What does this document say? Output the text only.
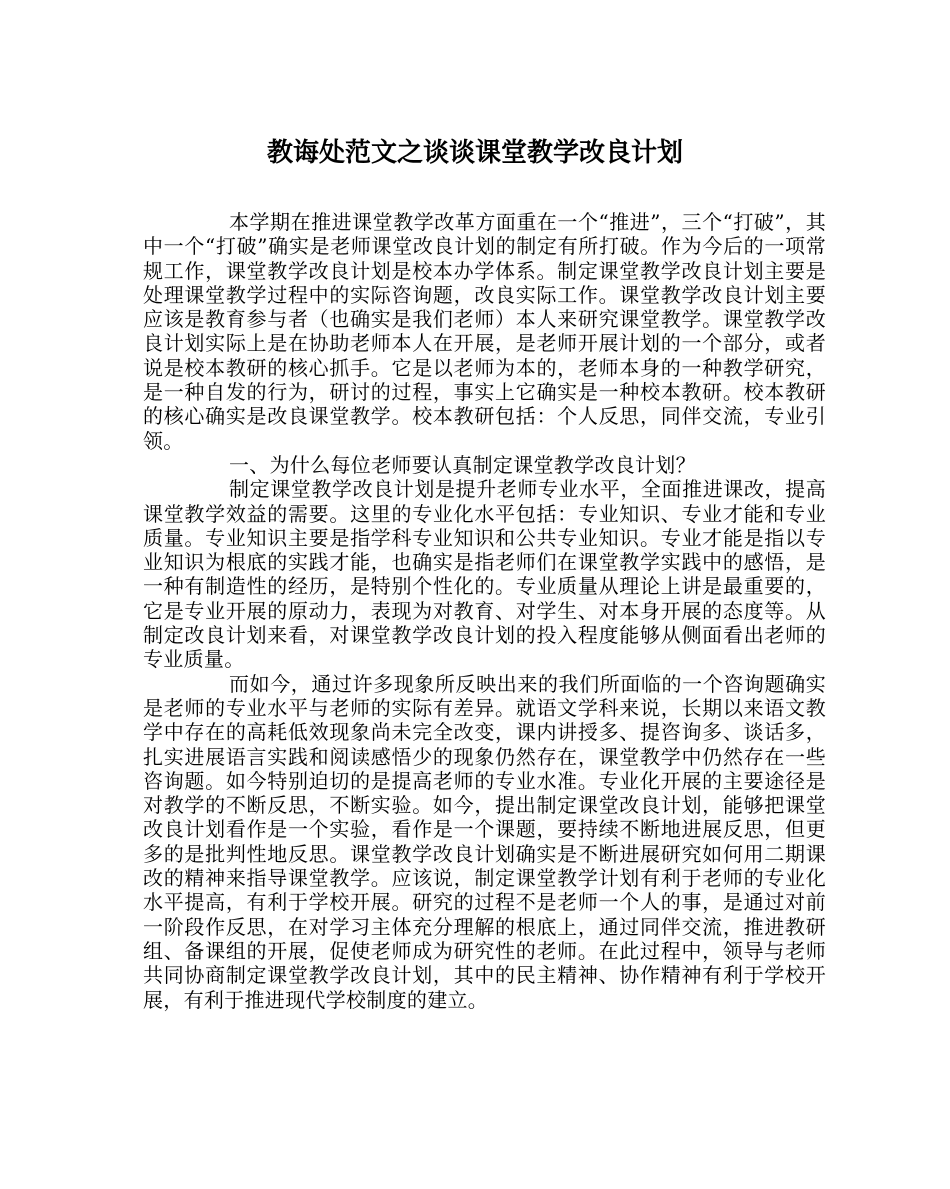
教诲处范文之谈谈课堂教学改良计划

本学期在推进课堂教学改革方面重在一个“推进”，三个“打破”，其中一个“打破”确实是老师课堂改良计划的制定有所打破。作为今后的一项常规工作，课堂教学改良计划是校本办学体系。制定课堂教学改良计划主要是处理课堂教学过程中的实际咨询题，改良实际工作。课堂教学改良计划主要应该是教育参与者（也确实是我们老师）本人来研究课堂教学。课堂教学改良计划实际上是在协助老师本人在开展，是老师开展计划的一个部分，或者说是校本教研的核心抓手。它是以老师为本的，老师本身的一种教学研究，是一种自发的行为，研讨的过程，事实上它确实是一种校本教研。校本教研的核心确实是改良课堂教学。校本教研包括：个人反思，同伴交流，专业引领。

一、为什么每位老师要认真制定课堂教学改良计划？

制定课堂教学改良计划是提升老师专业水平，全面推进课改，提高课堂教学效益的需要。这里的专业化水平包括：专业知识、专业才能和专业质量。专业知识主要是指学科专业知识和公共专业知识。专业才能是指以专业知识为根底的实践才能，也确实是指老师们在课堂教学实践中的感悟，是一种有制造性的经历，是特别个性化的。专业质量从理论上讲是最重要的，它是专业开展的原动力，表现为对教育、对学生、对本身开展的态度等。从制定改良计划来看，对课堂教学改良计划的投入程度能够从侧面看出老师的专业质量。

而如今，通过许多现象所反映出来的我们所面临的一个咨询题确实是老师的专业水平与老师的实际有差异。就语文学科来说，长期以来语文教学中存在的高耗低效现象尚未完全改变，课内讲授多、提咨询多、谈话多，扎实进展语言实践和阅读感悟少的现象仍然存在，课堂教学中仍然存在一些咨询题。如今特别迫切的是提高老师的专业水准。专业化开展的主要途径是对教学的不断反思，不断实验。如今，提出制定课堂改良计划，能够把课堂改良计划看作是一个实验，看作是一个课题，要持续不断地进展反思，但更多的是批判性地反思。课堂教学改良计划确实是不断进展研究如何用二期课改的精神来指导课堂教学。应该说，制定课堂教学计划有利于老师的专业化水平提高，有利于学校开展。研究的过程不是老师一个人的事，是通过对前一阶段作反思，在对学习主体充分理解的根底上，通过同伴交流，推进教研组、备课组的开展，促使老师成为研究性的老师。在此过程中，领导与老师共同协商制定课堂教学改良计划，其中的民主精神、协作精神有利于学校开展，有利于推进现代学校制度的建立。
